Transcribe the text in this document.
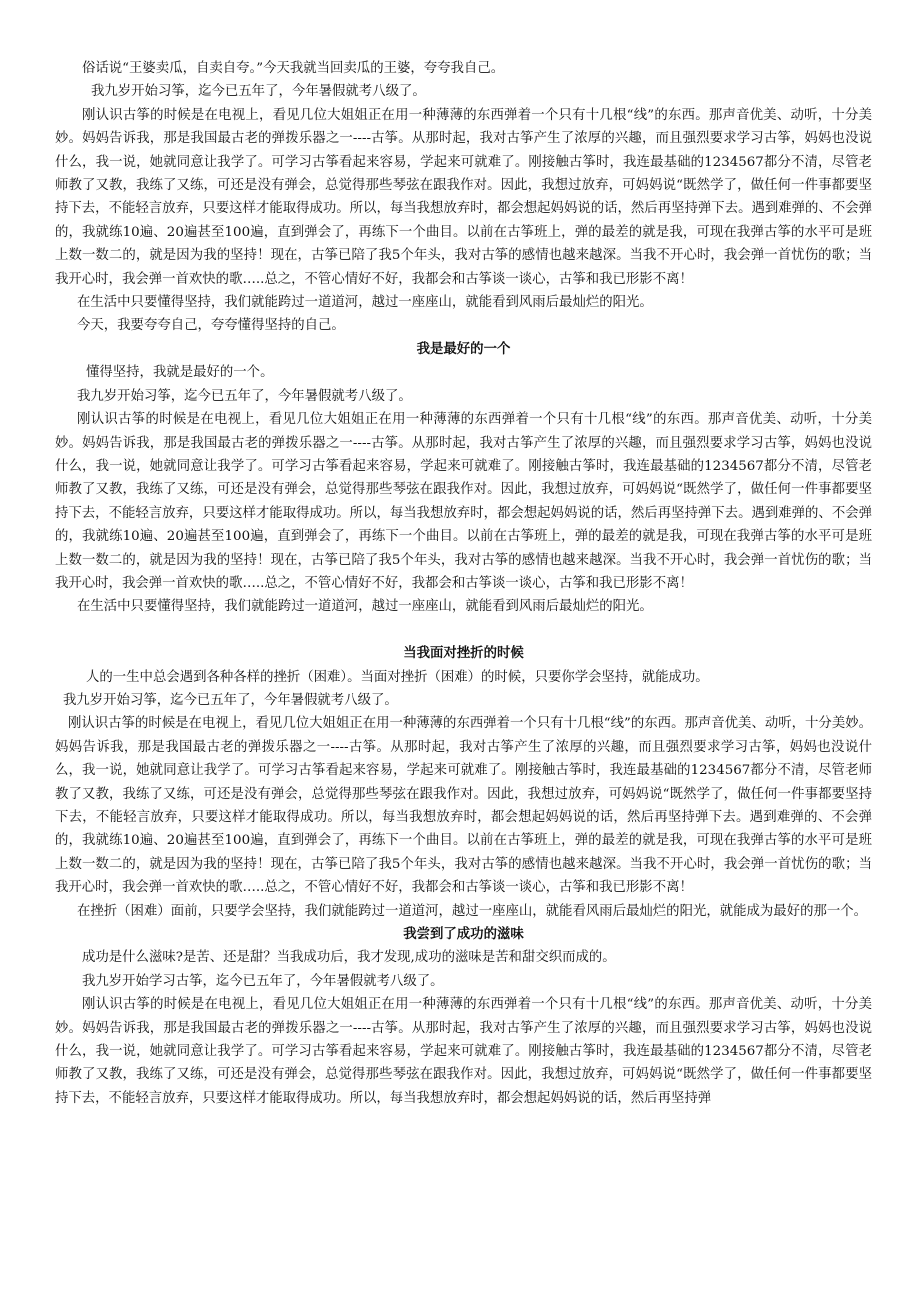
俗话说“王婆卖瓜，自卖自夸。”今天我就当回卖瓜的王婆，夸夸我自己。

我九岁开始习筝，迄今已五年了，今年暑假就考八级了。

刚认识古筝的时候是在电视上，看见几位大姐姐正在用一种薄薄的东西弹着一个只有十几根“线”的东西。那声音优美、动听，十分美妙。妈妈告诉我，那是我国最古老的弹拨乐器之一----古筝。从那时起，我对古筝产生了浓厚的兴趣，而且强烈要求学习古筝，妈妈也没说什么，我一说，她就同意让我学了。可学习古筝看起来容易，学起来可就难了。刚接触古筝时，我连最基础的1234567都分不清，尽管老师教了又教，我练了又练，可还是没有弹会，总觉得那些琴弦在跟我作对。因此，我想过放弃，可妈妈说“既然学了，做任何一件事都要坚持下去，不能轻言放弃，只要这样才能取得成功。所以，每当我想放弃时，都会想起妈妈说的话，然后再坚持弹下去。遇到难弹的、不会弹的，我就练10遍、20遍甚至100遍，直到弹会了，再练下一个曲目。以前在古筝班上，弹的最差的就是我，可现在我弹古筝的水平可是班上数一数二的，就是因为我的坚持！现在，古筝已陪了我5个年头，我对古筝的感情也越来越深。当我不开心时，我会弹一首忧伤的歌；当我开心时，我会弹一首欢快的歌…..总之，不管心情好不好，我都会和古筝谈一谈心，古筝和我已形影不离！

在生活中只要懂得坚持，我们就能跨过一道道河，越过一座座山，就能看到风雨后最灿烂的阳光。

今天，我要夸夸自己，夸夸懂得坚持的自己。

我是最好的一个

懂得坚持，我就是最好的一个。

我九岁开始习筝，迄今已五年了，今年暑假就考八级了。

刚认识古筝的时候是在电视上，看见几位大姐姐正在用一种薄薄的东西弹着一个只有十几根“线”的东西。那声音优美、动听，十分美妙。妈妈告诉我，那是我国最古老的弹拨乐器之一----古筝。从那时起，我对古筝产生了浓厚的兴趣，而且强烈要求学习古筝，妈妈也没说什么，我一说，她就同意让我学了。可学习古筝看起来容易，学起来可就难了。刚接触古筝时，我连最基础的1234567都分不清，尽管老师教了又教，我练了又练，可还是没有弹会，总觉得那些琴弦在跟我作对。因此，我想过放弃，可妈妈说“既然学了，做任何一件事都要坚持下去，不能轻言放弃，只要这样才能取得成功。所以，每当我想放弃时，都会想起妈妈说的话，然后再坚持弹下去。遇到难弹的、不会弹的，我就练10遍、20遍甚至100遍，直到弹会了，再练下一个曲目。以前在古筝班上，弹的最差的就是我，可现在我弹古筝的水平可是班上数一数二的，就是因为我的坚持！现在，古筝已陪了我5个年头，我对古筝的感情也越来越深。当我不开心时，我会弹一首忧伤的歌；当我开心时，我会弹一首欢快的歌…..总之，不管心情好不好，我都会和古筝谈一谈心，古筝和我已形影不离！

在生活中只要懂得坚持，我们就能跨过一道道河，越过一座座山，就能看到风雨后最灿烂的阳光。

当我面对挫折的时候

人的一生中总会遇到各种各样的挫折（困难）。当面对挫折（困难）的时候，只要你学会坚持，就能成功。

我九岁开始习筝，迄今已五年了，今年暑假就考八级了。

刚认识古筝的时候是在电视上，看见几位大姐姐正在用一种薄薄的东西弹着一个只有十几根“线”的东西。那声音优美、动听，十分美妙。妈妈告诉我，那是我国最古老的弹拨乐器之一----古筝。从那时起，我对古筝产生了浓厚的兴趣，而且强烈要求学习古筝，妈妈也没说什么，我一说，她就同意让我学了。可学习古筝看起来容易，学起来可就难了。刚接触古筝时，我连最基础的1234567都分不清，尽管老师教了又教，我练了又练，可还是没有弹会，总觉得那些琴弦在跟我作对。因此，我想过放弃，可妈妈说“既然学了，做任何一件事都要坚持下去，不能轻言放弃，只要这样才能取得成功。所以，每当我想放弃时，都会想起妈妈说的话，然后再坚持弹下去。遇到难弹的、不会弹的，我就练10遍、20遍甚至100遍，直到弹会了，再练下一个曲目。以前在古筝班上，弹的最差的就是我，可现在我弹古筝的水平可是班上数一数二的，就是因为我的坚持！现在，古筝已陪了我5个年头，我对古筝的感情也越来越深。当我不开心时，我会弹一首忧伤的歌；当我开心时，我会弹一首欢快的歌…..总之，不管心情好不好，我都会和古筝谈一谈心，古筝和我已形影不离！

在挫折（困难）面前，只要学会坚持，我们就能跨过一道道河，越过一座座山，就能看风雨后最灿烂的阳光，就能成为最好的那一个。

我尝到了成功的滋味

成功是什么滋味?是苦、还是甜？当我成功后，我才发现,成功的滋味是苦和甜交织而成的。

我九岁开始学习古筝，迄今已五年了，今年暑假就考八级了。

刚认识古筝的时候是在电视上，看见几位大姐姐正在用一种薄薄的东西弹着一个只有十几根“线”的东西。那声音优美、动听，十分美妙。妈妈告诉我，那是我国最古老的弹拨乐器之一----古筝。从那时起，我对古筝产生了浓厚的兴趣，而且强烈要求学习古筝，妈妈也没说什么，我一说，她就同意让我学了。可学习古筝看起来容易，学起来可就难了。刚接触古筝时，我连最基础的1234567都分不清，尽管老师教了又教，我练了又练，可还是没有弹会，总觉得那些琴弦在跟我作对。因此，我想过放弃，可妈妈说“既然学了，做任何一件事都要坚持下去，不能轻言放弃，只要这样才能取得成功。所以，每当我想放弃时，都会想起妈妈说的话，然后再坚持弹
